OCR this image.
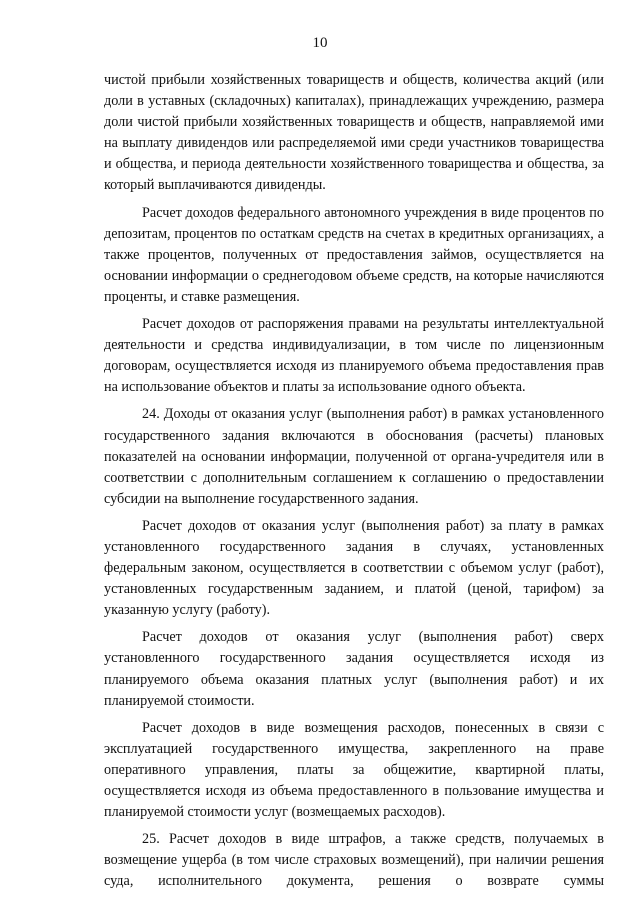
10

чистой прибыли хозяйственных товариществ и обществ, количества акций (или доли в уставных (складочных) капиталах), принадлежащих учреждению, размера доли чистой прибыли хозяйственных товариществ и обществ, направляемой ими на выплату дивидендов или распределяемой ими среди участников товарищества и общества, и периода деятельности хозяйственного товарищества и общества, за который выплачиваются дивиденды.

Расчет доходов федерального автономного учреждения в виде процентов по депозитам, процентов по остаткам средств на счетах в кредитных организациях, а также процентов, полученных от предоставления займов, осуществляется на основании информации о среднегодовом объеме средств, на которые начисляются проценты, и ставке размещения.

Расчет доходов от распоряжения правами на результаты интеллектуальной деятельности и средства индивидуализации, в том числе по лицензионным договорам, осуществляется исходя из планируемого объема предоставления прав на использование объектов и платы за использование одного объекта.

24. Доходы от оказания услуг (выполнения работ) в рамках установленного государственного задания включаются в обоснования (расчеты) плановых показателей на основании информации, полученной от органа-учредителя или в соответствии с дополнительным соглашением к соглашению о предоставлении субсидии на выполнение государственного задания.

Расчет доходов от оказания услуг (выполнения работ) за плату в рамках установленного государственного задания в случаях, установленных федеральным законом, осуществляется в соответствии с объемом услуг (работ), установленных государственным заданием, и платой (ценой, тарифом) за указанную услугу (работу).

Расчет доходов от оказания услуг (выполнения работ) сверх установленного государственного задания осуществляется исходя из планируемого объема оказания платных услуг (выполнения работ) и их планируемой стоимости.

Расчет доходов в виде возмещения расходов, понесенных в связи с эксплуатацией государственного имущества, закрепленного на праве оперативного управления, платы за общежитие, квартирной платы, осуществляется исходя из объема предоставленного в пользование имущества и планируемой стоимости услуг (возмещаемых расходов).

25. Расчет доходов в виде штрафов, а также средств, получаемых в возмещение ущерба (в том числе страховых возмещений), при наличии решения суда, исполнительного документа, решения о возврате суммы
